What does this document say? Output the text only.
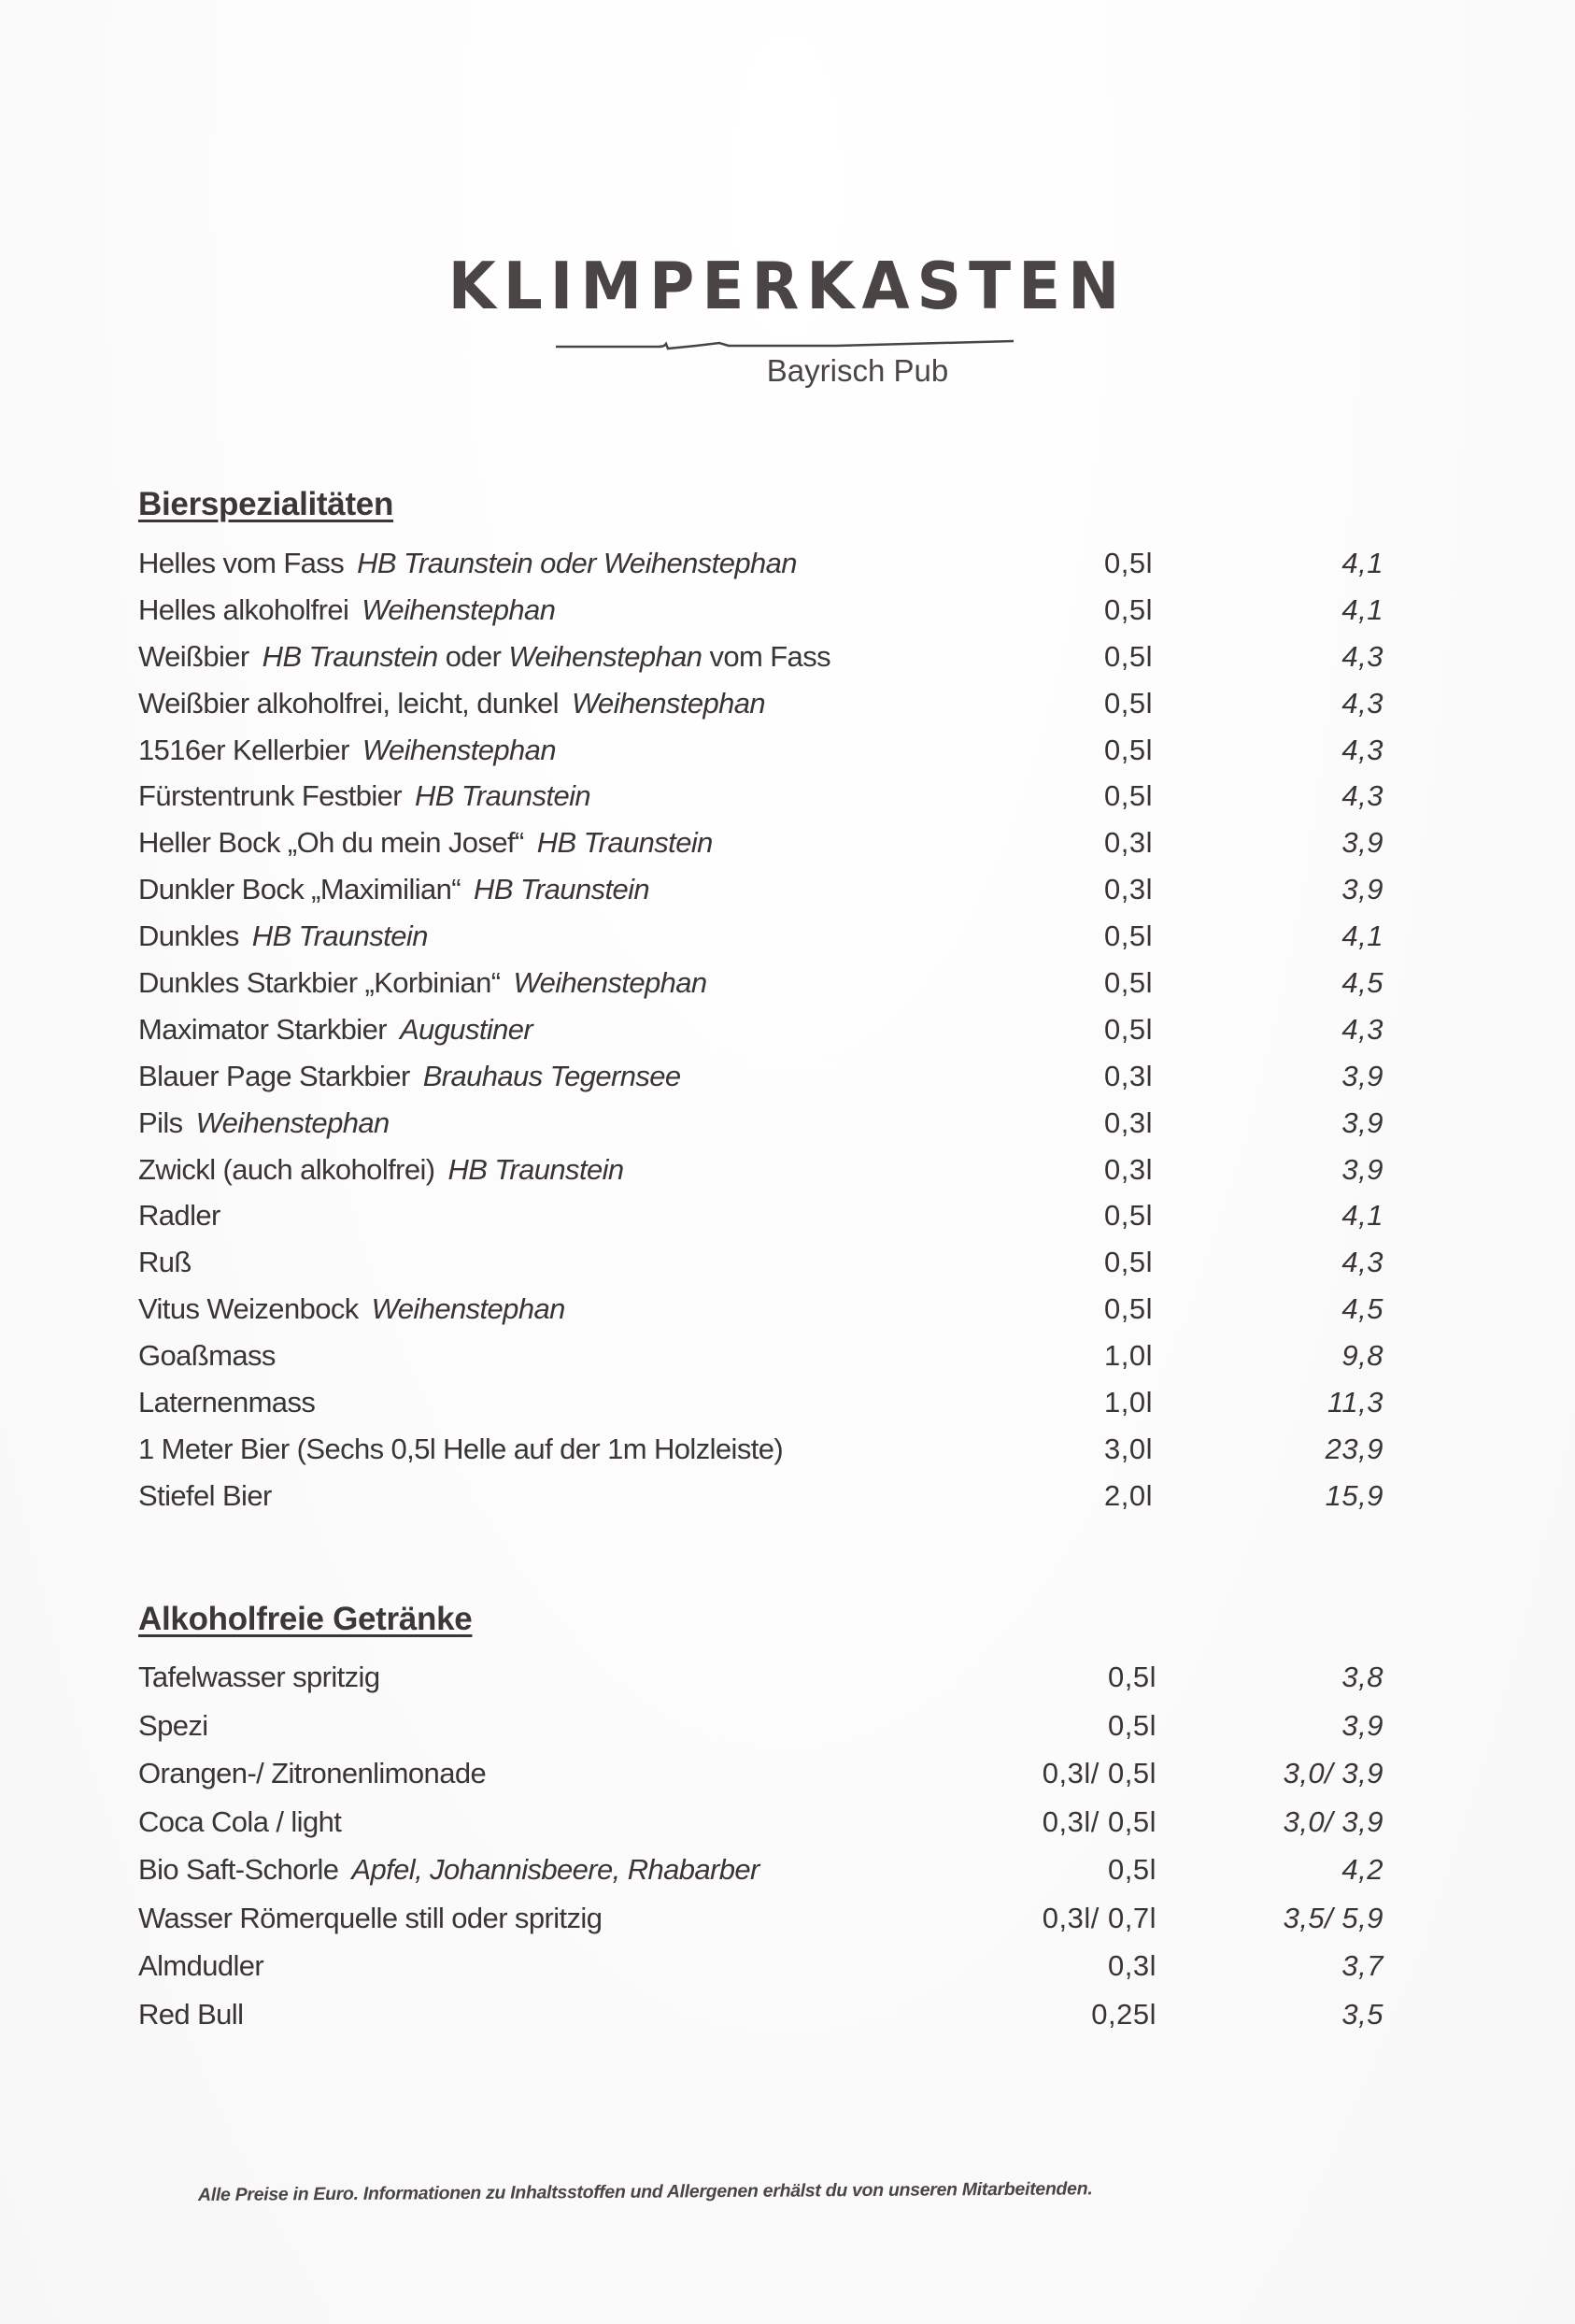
KLIMPERKASTEN
Bayrisch Pub
Bierspezialitäten
Helles vom Fass HB Traunstein oder Weihenstephan	0,5l	4,1
Helles alkoholfrei Weihenstephan	0,5l	4,1
Weißbier HB Traunstein oder Weihenstephan vom Fass	0,5l	4,3
Weißbier alkoholfrei, leicht, dunkel Weihenstephan	0,5l	4,3
1516er Kellerbier Weihenstephan	0,5l	4,3
Fürstentrunk Festbier HB Traunstein	0,5l	4,3
Heller Bock „Oh du mein Josef“ HB Traunstein	0,3l	3,9
Dunkler Bock „Maximilian“ HB Traunstein	0,3l	3,9
Dunkles HB Traunstein	0,5l	4,1
Dunkles Starkbier „Korbinian“ Weihenstephan	0,5l	4,5
Maximator Starkbier Augustiner	0,5l	4,3
Blauer Page Starkbier Brauhaus Tegernsee	0,3l	3,9
Pils Weihenstephan	0,3l	3,9
Zwickl (auch alkoholfrei) HB Traunstein	0,3l	3,9
Radler	0,5l	4,1
Ruß	0,5l	4,3
Vitus Weizenbock Weihenstephan	0,5l	4,5
Goaßmass	1,0l	9,8
Laternenmass	1,0l	11,3
1 Meter Bier (Sechs 0,5l Helle auf der 1m Holzleiste)	3,0l	23,9
Stiefel Bier	2,0l	15,9
Alkoholfreie Getränke
Tafelwasser spritzig	0,5l	3,8
Spezi	0,5l	3,9
Orangen-/ Zitronenlimonade	0,3l/ 0,5l	3,0/ 3,9
Coca Cola / light	0,3l/ 0,5l	3,0/ 3,9
Bio Saft-Schorle Apfel, Johannisbeere, Rhabarber	0,5l	4,2
Wasser Römerquelle still oder spritzig	0,3l/ 0,7l	3,5/ 5,9
Almdudler	0,3l	3,7
Red Bull	0,25l	3,5
Alle Preise in Euro. Informationen zu Inhaltsstoffen und Allergenen erhälst du von unseren Mitarbeitenden.
